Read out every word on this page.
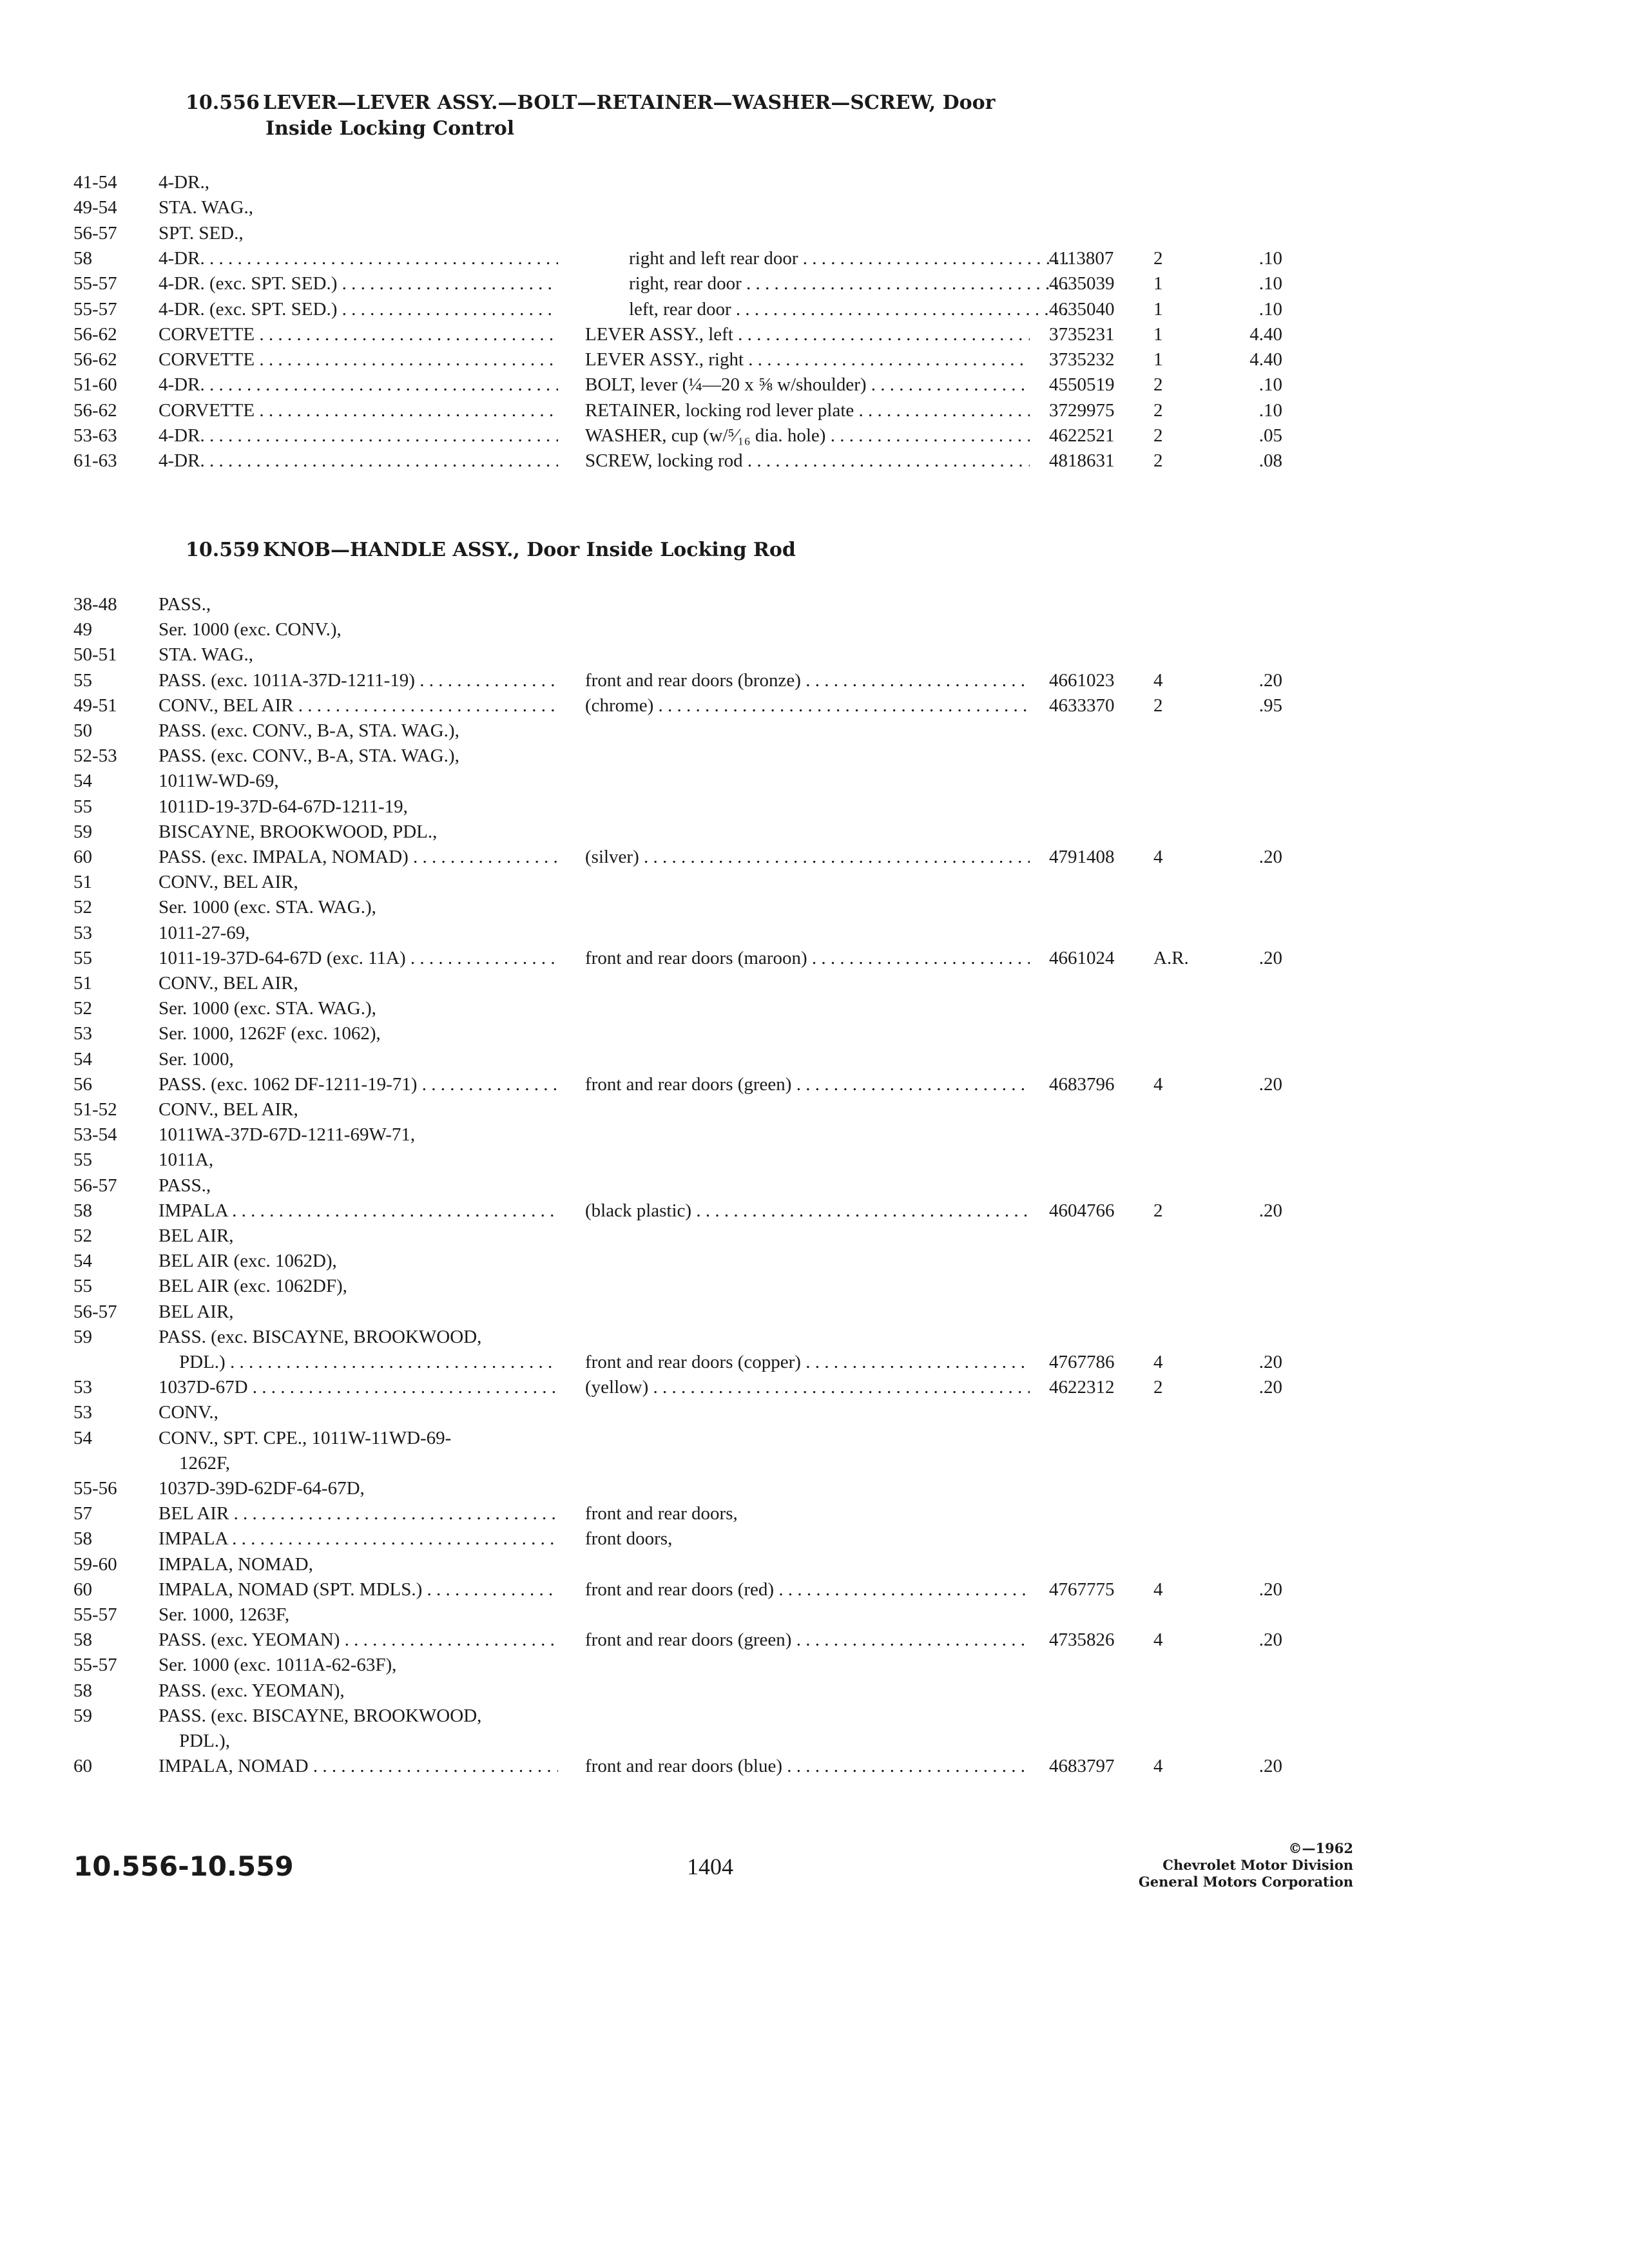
10.556 LEVER—LEVER ASSY.—BOLT—RETAINER—WASHER—SCREW, Door
Inside Locking Control
41-54	4-DR.,
49-54	STA. WAG.,
56-57	SPT. SED.,
58	4-DR. . . .	right and left rear door . . .	4113807	2	.10
55-57	4-DR. (exc. SPT. SED.) . . .	right, rear door . . .	4635039	1	.10
55-57	4-DR. (exc. SPT. SED.) . . .	left, rear door . . .	4635040	1	.10
56-62	CORVETTE . . .	LEVER ASSY., left . . .	3735231	1	4.40
56-62	CORVETTE . . .	LEVER ASSY., right . . .	3735232	1	4.40
51-60	4-DR. . . .	BOLT, lever (¼—20 x ⅝ w/shoulder) . . .	4550519	2	.10
56-62	CORVETTE . . .	RETAINER, locking rod lever plate . . .	3729975	2	.10
53-63	4-DR. . . .	WASHER, cup (w/⁵⁄₁₆ dia. hole) . . .	4622521	2	.05
61-63	4-DR. . . .	SCREW, locking rod . . .	4818631	2	.08
10.559 KNOB—HANDLE ASSY., Door Inside Locking Rod
38-48	PASS.,
49	Ser. 1000 (exc. CONV.),
50-51	STA. WAG.,
55	PASS. (exc. 1011A-37D-1211-19) . . .	front and rear doors (bronze) . . .	4661023	4	.20
49-51	CONV., BEL AIR . . .	(chrome) . . .	4633370	2	.95
50	PASS. (exc. CONV., B-A, STA. WAG.),
52-53	PASS. (exc. CONV., B-A, STA. WAG.),
54	1011W-WD-69,
55	1011D-19-37D-64-67D-1211-19,
59	BISCAYNE, BROOKWOOD, PDL.,
60	PASS. (exc. IMPALA, NOMAD) . . .	(silver) . . .	4791408	4	.20
51	CONV., BEL AIR,
52	Ser. 1000 (exc. STA. WAG.),
53	1011-27-69,
55	1011-19-37D-64-67D (exc. 11A) . . .	front and rear doors (maroon) . . .	4661024	A.R.	.20
51	CONV., BEL AIR,
52	Ser. 1000 (exc. STA. WAG.),
53	Ser. 1000, 1262F (exc. 1062),
54	Ser. 1000,
56	PASS. (exc. 1062 DF-1211-19-71) . . .	front and rear doors (green) . . .	4683796	4	.20
51-52	CONV., BEL AIR,
53-54	1011WA-37D-67D-1211-69W-71,
55	1011A,
56-57	PASS.,
58	IMPALA . . .	(black plastic) . . .	4604766	2	.20
52	BEL AIR,
54	BEL AIR (exc. 1062D),
55	BEL AIR (exc. 1062DF),
56-57	BEL AIR,
59	PASS. (exc. BISCAYNE, BROOKWOOD,
PDL.) . . .	front and rear doors (copper) . . .	4767786	4	.20
53	1037D-67D . . .	(yellow) . . .	4622312	2	.20
53	CONV.,
54	CONV., SPT. CPE., 1011W-11WD-69-
1262F,
55-56	1037D-39D-62DF-64-67D,
57	BEL AIR . . .	front and rear doors,
58	IMPALA . . .	front doors,
59-60	IMPALA, NOMAD,
60	IMPALA, NOMAD (SPT. MDLS.) . . .	front and rear doors (red) . . .	4767775	4	.20
55-57	Ser. 1000, 1263F,
58	PASS. (exc. YEOMAN) . . .	front and rear doors (green) . . .	4735826	4	.20
55-57	Ser. 1000 (exc. 1011A-62-63F),
58	PASS. (exc. YEOMAN),
59	PASS. (exc. BISCAYNE, BROOKWOOD,
PDL.),
60	IMPALA, NOMAD . . .	front and rear doors (blue) . . .	4683797	4	.20
10.556-10.559	1404
©—1962
Chevrolet Motor Division
General Motors Corporation
